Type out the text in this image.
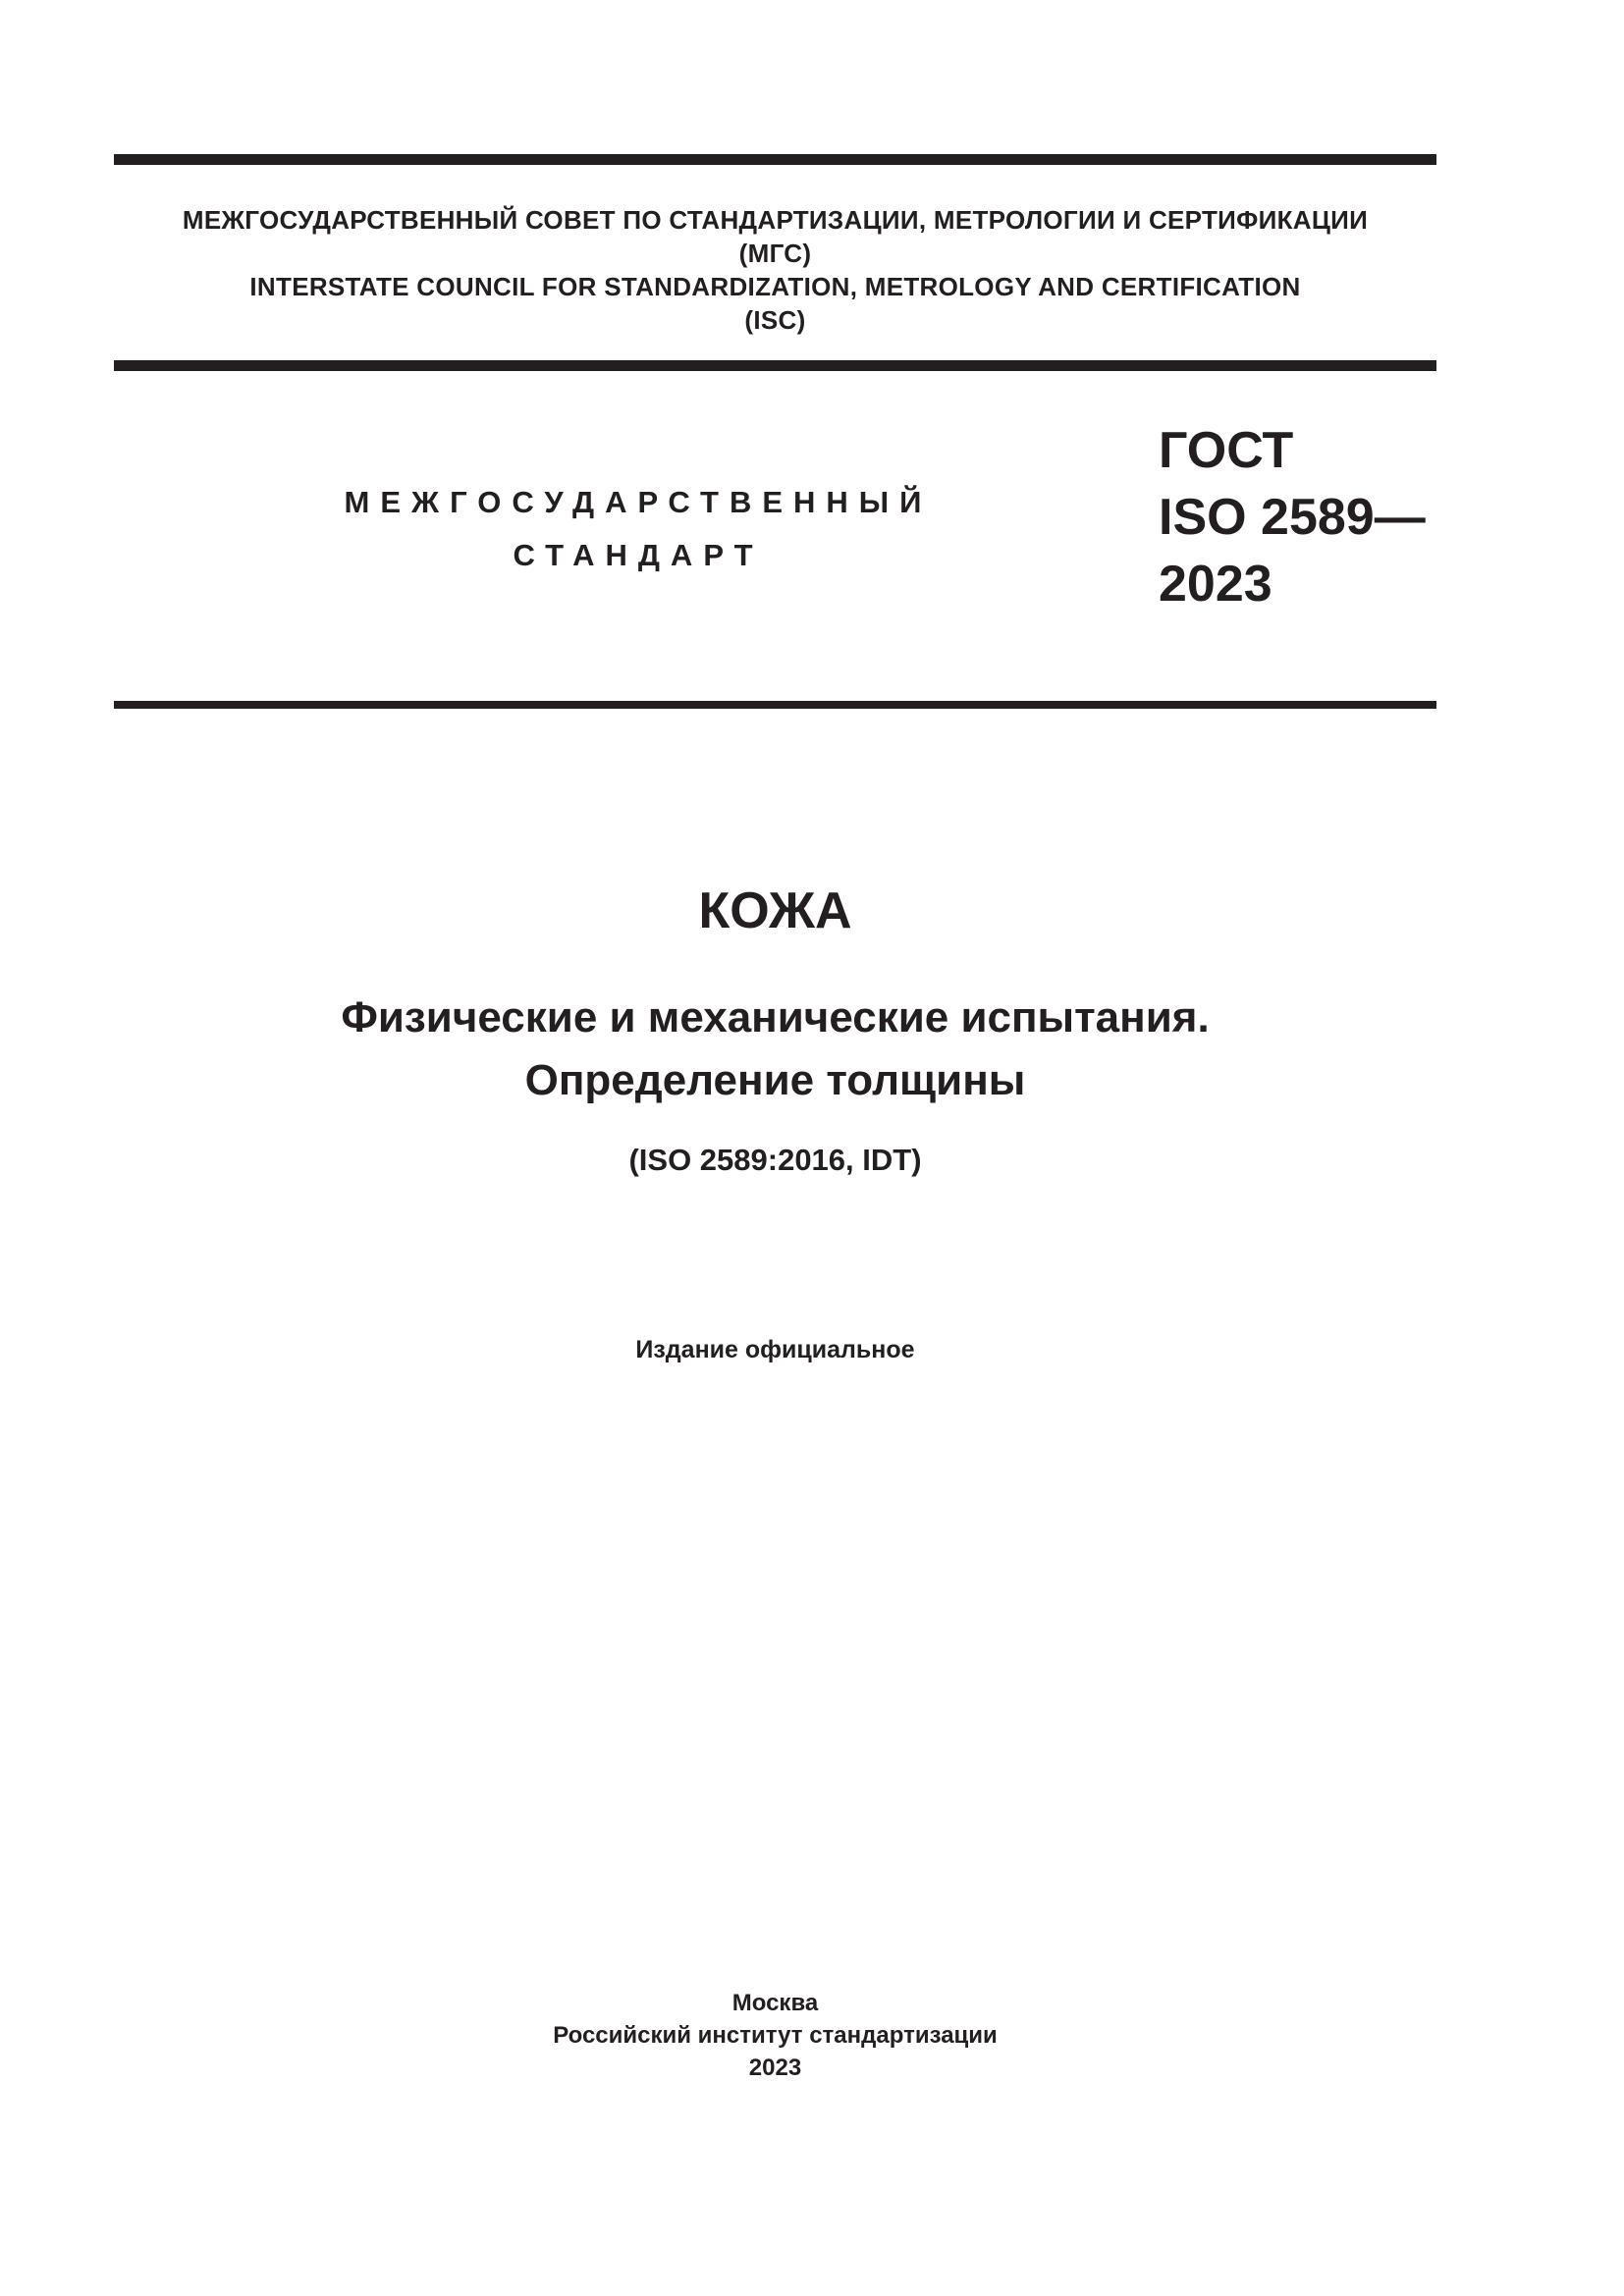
МЕЖГОСУДАРСТВЕННЫЙ СОВЕТ ПО СТАНДАРТИЗАЦИИ, МЕТРОЛОГИИ И СЕРТИФИКАЦИИ
(МГС)
INTERSTATE COUNCIL FOR STANDARDIZATION, METROLOGY AND CERTIFICATION
(ISC)
МЕЖГОСУДАРСТВЕННЫЙ
СТАНДАРТ
ГОСТ
ISO 2589—
2023
КОЖА
Физические и механические испытания.
Определение толщины
(ISO 2589:2016, IDT)
Издание официальное
Москва
Российский институт стандартизации
2023
